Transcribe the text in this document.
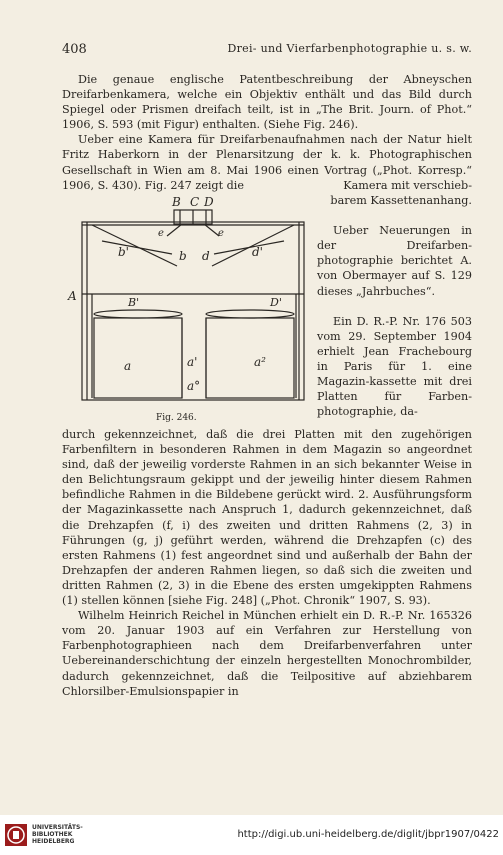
408	Drei- und Vierfarbenphotographie u. s. w.

Die genaue englische Patentbeschreibung der Abneyschen Dreifarbenkamera, welche ein Objektiv enthält und das Bild durch Spiegel oder Prismen dreifach teilt, ist in „The Brit. Journ. of Phot.“ 1906, S. 593 (mit Figur) enthalten. (Siehe Fig. 246).

Ueber eine Kamera für Dreifarbenaufnahmen nach der Natur hielt Fritz Haberkorn in der Plenarsitzung der k. k. Photographischen Gesellschaft in Wien am 8. Mai 1906 einen Vortrag („Phot. Korresp.“ 1906, S. 430). Fig. 247 zeigt die	Kamera mit verschieb-
barem Kassettenanhang.

Ueber Neuerungen in der Dreifarben-photographie berichtet A. von Obermayer auf S. 129 dieses „Jahrbuches“.

Ein D. R.-P. Nr. 176 503 vom 29. September 1904 erhielt Jean Frachebourg in Paris für 1. eine Magazin-kassette mit drei Platten für Farben-photographie, da-

B C D
b'	b d	d'
e	e
A	B'	D'
a	a'	a²
a°
Fig. 246.

durch gekennzeichnet, daß die drei Platten mit den zugehörigen Farbenfiltern in besonderen Rahmen in dem Magazin so angeordnet sind, daß der jeweilig vorderste Rahmen in an sich bekannter Weise in den Belichtungsraum gekippt und der jeweilig hinter diesem Rahmen befindliche Rahmen in die Bildebene gerückt wird. 2. Ausführungsform der Magazinkassette nach Anspruch 1, dadurch gekennzeichnet, daß die Drehzapfen (f, i) des zweiten und dritten Rahmens (2, 3) in Führungen (g, j) geführt werden, während die Drehzapfen (c) des ersten Rahmens (1) fest angeordnet sind und außerhalb der Bahn der Drehzapfen der anderen Rahmen liegen, so daß sich die zweiten und dritten Rahmen (2, 3) in die Ebene des ersten umgekippten Rahmens (1) stellen können [siehe Fig. 248] („Phot. Chronik“ 1907, S. 93).

Wilhelm Heinrich Reichel in München erhielt ein D. R.-P. Nr. 165326 vom 20. Januar 1903 auf ein Verfahren zur Herstellung von Farbenphotographieen nach dem Dreifarbenverfahren unter Uebereinanderschichtung der einzeln hergestellten Monochrombilder, dadurch gekennzeichnet, daß die Teilpositive auf abziehbarem Chlorsilber-Emulsionspapier in

UNIVERSITÄTS-
BIBLIOTHEK
HEIDELBERG
http://digi.ub.uni-heidelberg.de/diglit/jbpr1907/0422
